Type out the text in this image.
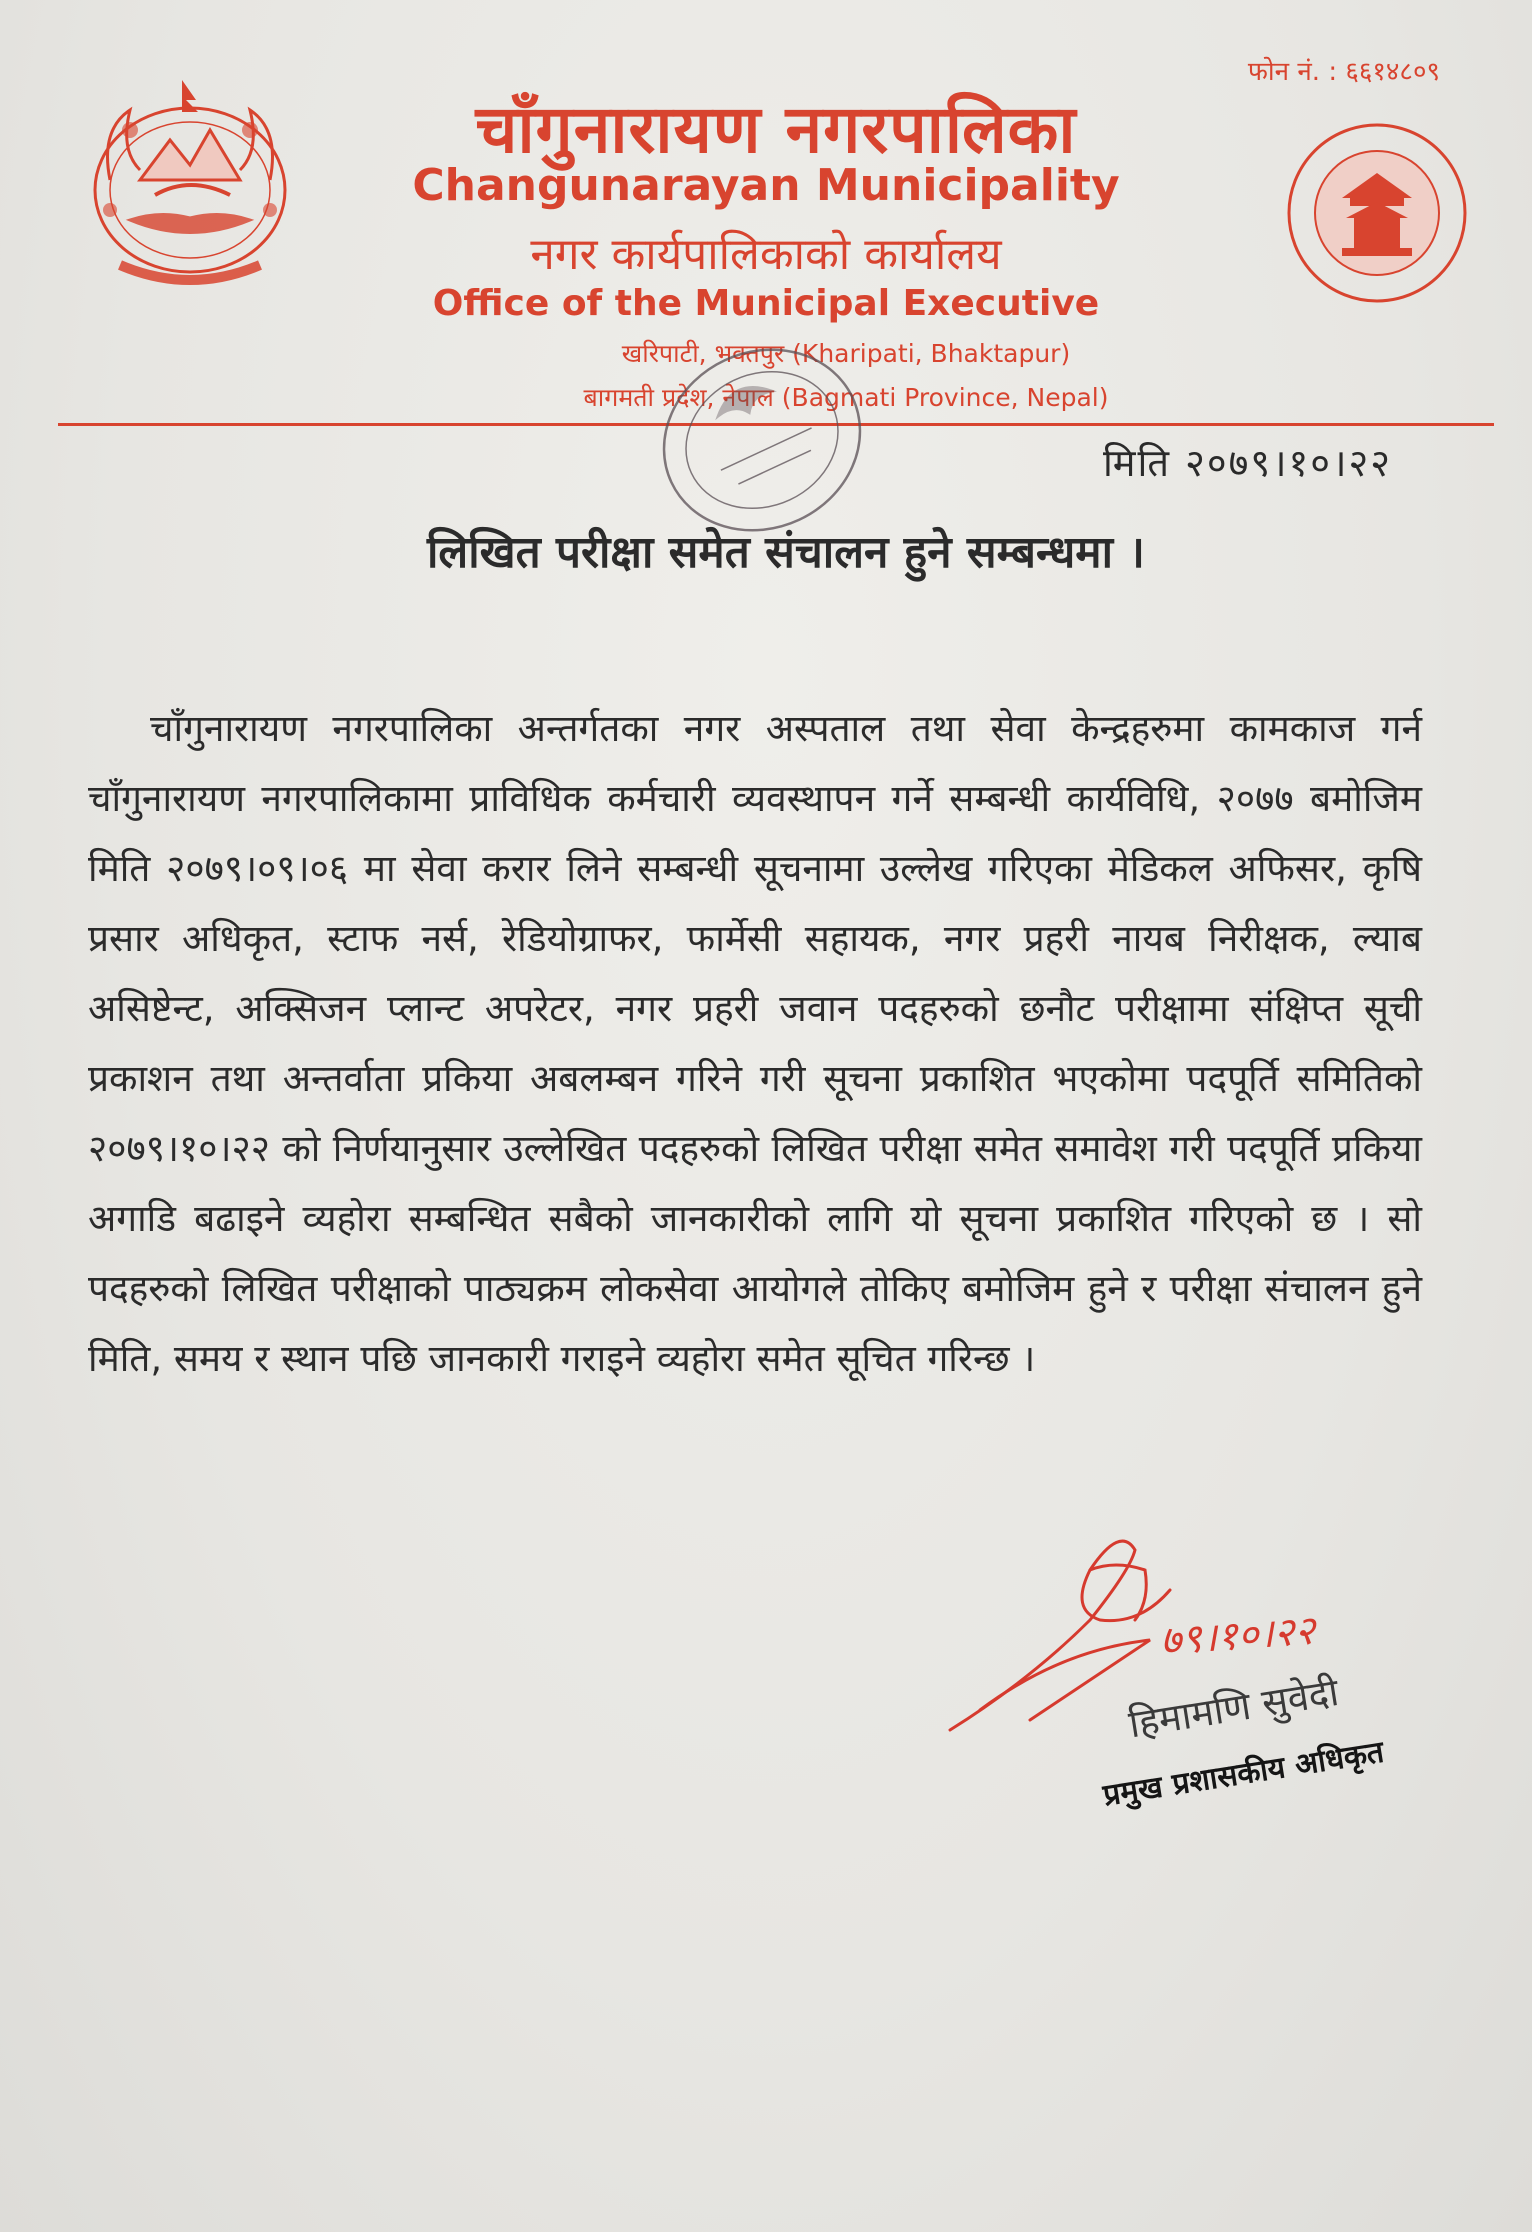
फोन नं. : ६६१४८०९
चाँगुनारायण नगरपालिका
Changunarayan Municipality
नगर कार्यपालिकाको कार्यालय
Office of the Municipal Executive
खरिपाटी, भक्तपुर (Kharipati, Bhaktapur)
बागमती प्रदेश, नेपाल (Bagmati Province, Nepal)
मिति २०७९।१०।२२
लिखित परीक्षा समेत संचालन हुने सम्बन्धमा ।

चाँगुनारायण नगरपालिका अन्तर्गतका नगर अस्पताल तथा सेवा केन्द्रहरुमा कामकाज गर्न चाँगुनारायण नगरपालिकामा प्राविधिक कर्मचारी व्यवस्थापन गर्ने सम्बन्धी कार्यविधि, २०७७ बमोजिम मिति २०७९।०९।०६ मा सेवा करार लिने सम्बन्धी सूचनामा उल्लेख गरिएका मेडिकल अफिसर, कृषि प्रसार अधिकृत, स्टाफ नर्स, रेडियोग्राफर, फार्मेसी सहायक, नगर प्रहरी नायब निरीक्षक, ल्याब असिष्टेन्ट, अक्सिजन प्लान्ट अपरेटर, नगर प्रहरी जवान पदहरुको छनौट परीक्षामा संक्षिप्त सूची प्रकाशन तथा अन्तर्वाता प्रकिया अबलम्बन गरिने गरी सूचना प्रकाशित भएकोमा पदपूर्ति समितिको २०७९।१०।२२ को निर्णयानुसार उल्लेखित पदहरुको लिखित परीक्षा समेत समावेश गरी पदपूर्ति प्रकिया अगाडि बढाइने व्यहोरा सम्बन्धित सबैको जानकारीको लागि यो सूचना प्रकाशित गरिएको छ । सो पदहरुको लिखित परीक्षाको पाठ्यक्रम लोकसेवा आयोगले तोकिए बमोजिम हुने र परीक्षा संचालन हुने मिति, समय र स्थान पछि जानकारी गराइने व्यहोरा समेत सूचित गरिन्छ ।

प्रमुख प्रशासकीय अधिकृत
हिमामणि सुवेदी
७९।१०।२२
